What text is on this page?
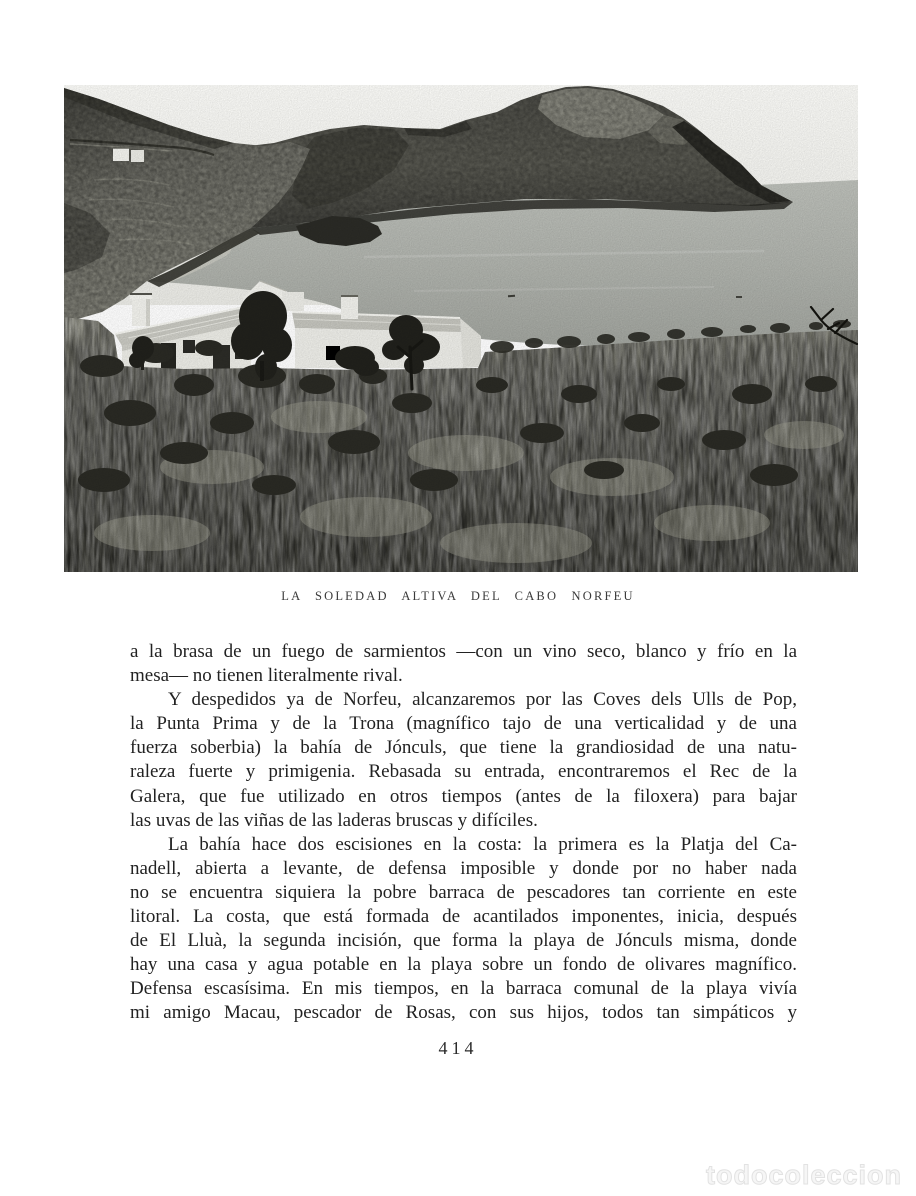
LA SOLEDAD ALTIVA DEL CABO NORFEU
a la brasa de un fuego de sarmientos —con un vino seco, blanco y frío en la
mesa— no tienen literalmente rival.
Y despedidos ya de Norfeu, alcanzaremos por las Coves dels Ulls de Pop,
la Punta Prima y de la Trona (magnífico tajo de una verticalidad y de una
fuerza soberbia) la bahía de Jónculs, que tiene la grandiosidad de una natu-
raleza fuerte y primigenia. Rebasada su entrada, encontraremos el Rec de la
Galera, que fue utilizado en otros tiempos (antes de la filoxera) para bajar
las uvas de las viñas de las laderas bruscas y difíciles.
La bahía hace dos escisiones en la costa: la primera es la Platja del Ca-
nadell, abierta a levante, de defensa imposible y donde por no haber nada
no se encuentra siquiera la pobre barraca de pescadores tan corriente en este
litoral. La costa, que está formada de acantilados imponentes, inicia, después
de El Lluà, la segunda incisión, que forma la playa de Jónculs misma, donde
hay una casa y agua potable en la playa sobre un fondo de olivares magnífico.
Defensa escasísima. En mis tiempos, en la barraca comunal de la playa vivía
mi amigo Macau, pescador de Rosas, con sus hijos, todos tan simpáticos y
414
todocoleccion
